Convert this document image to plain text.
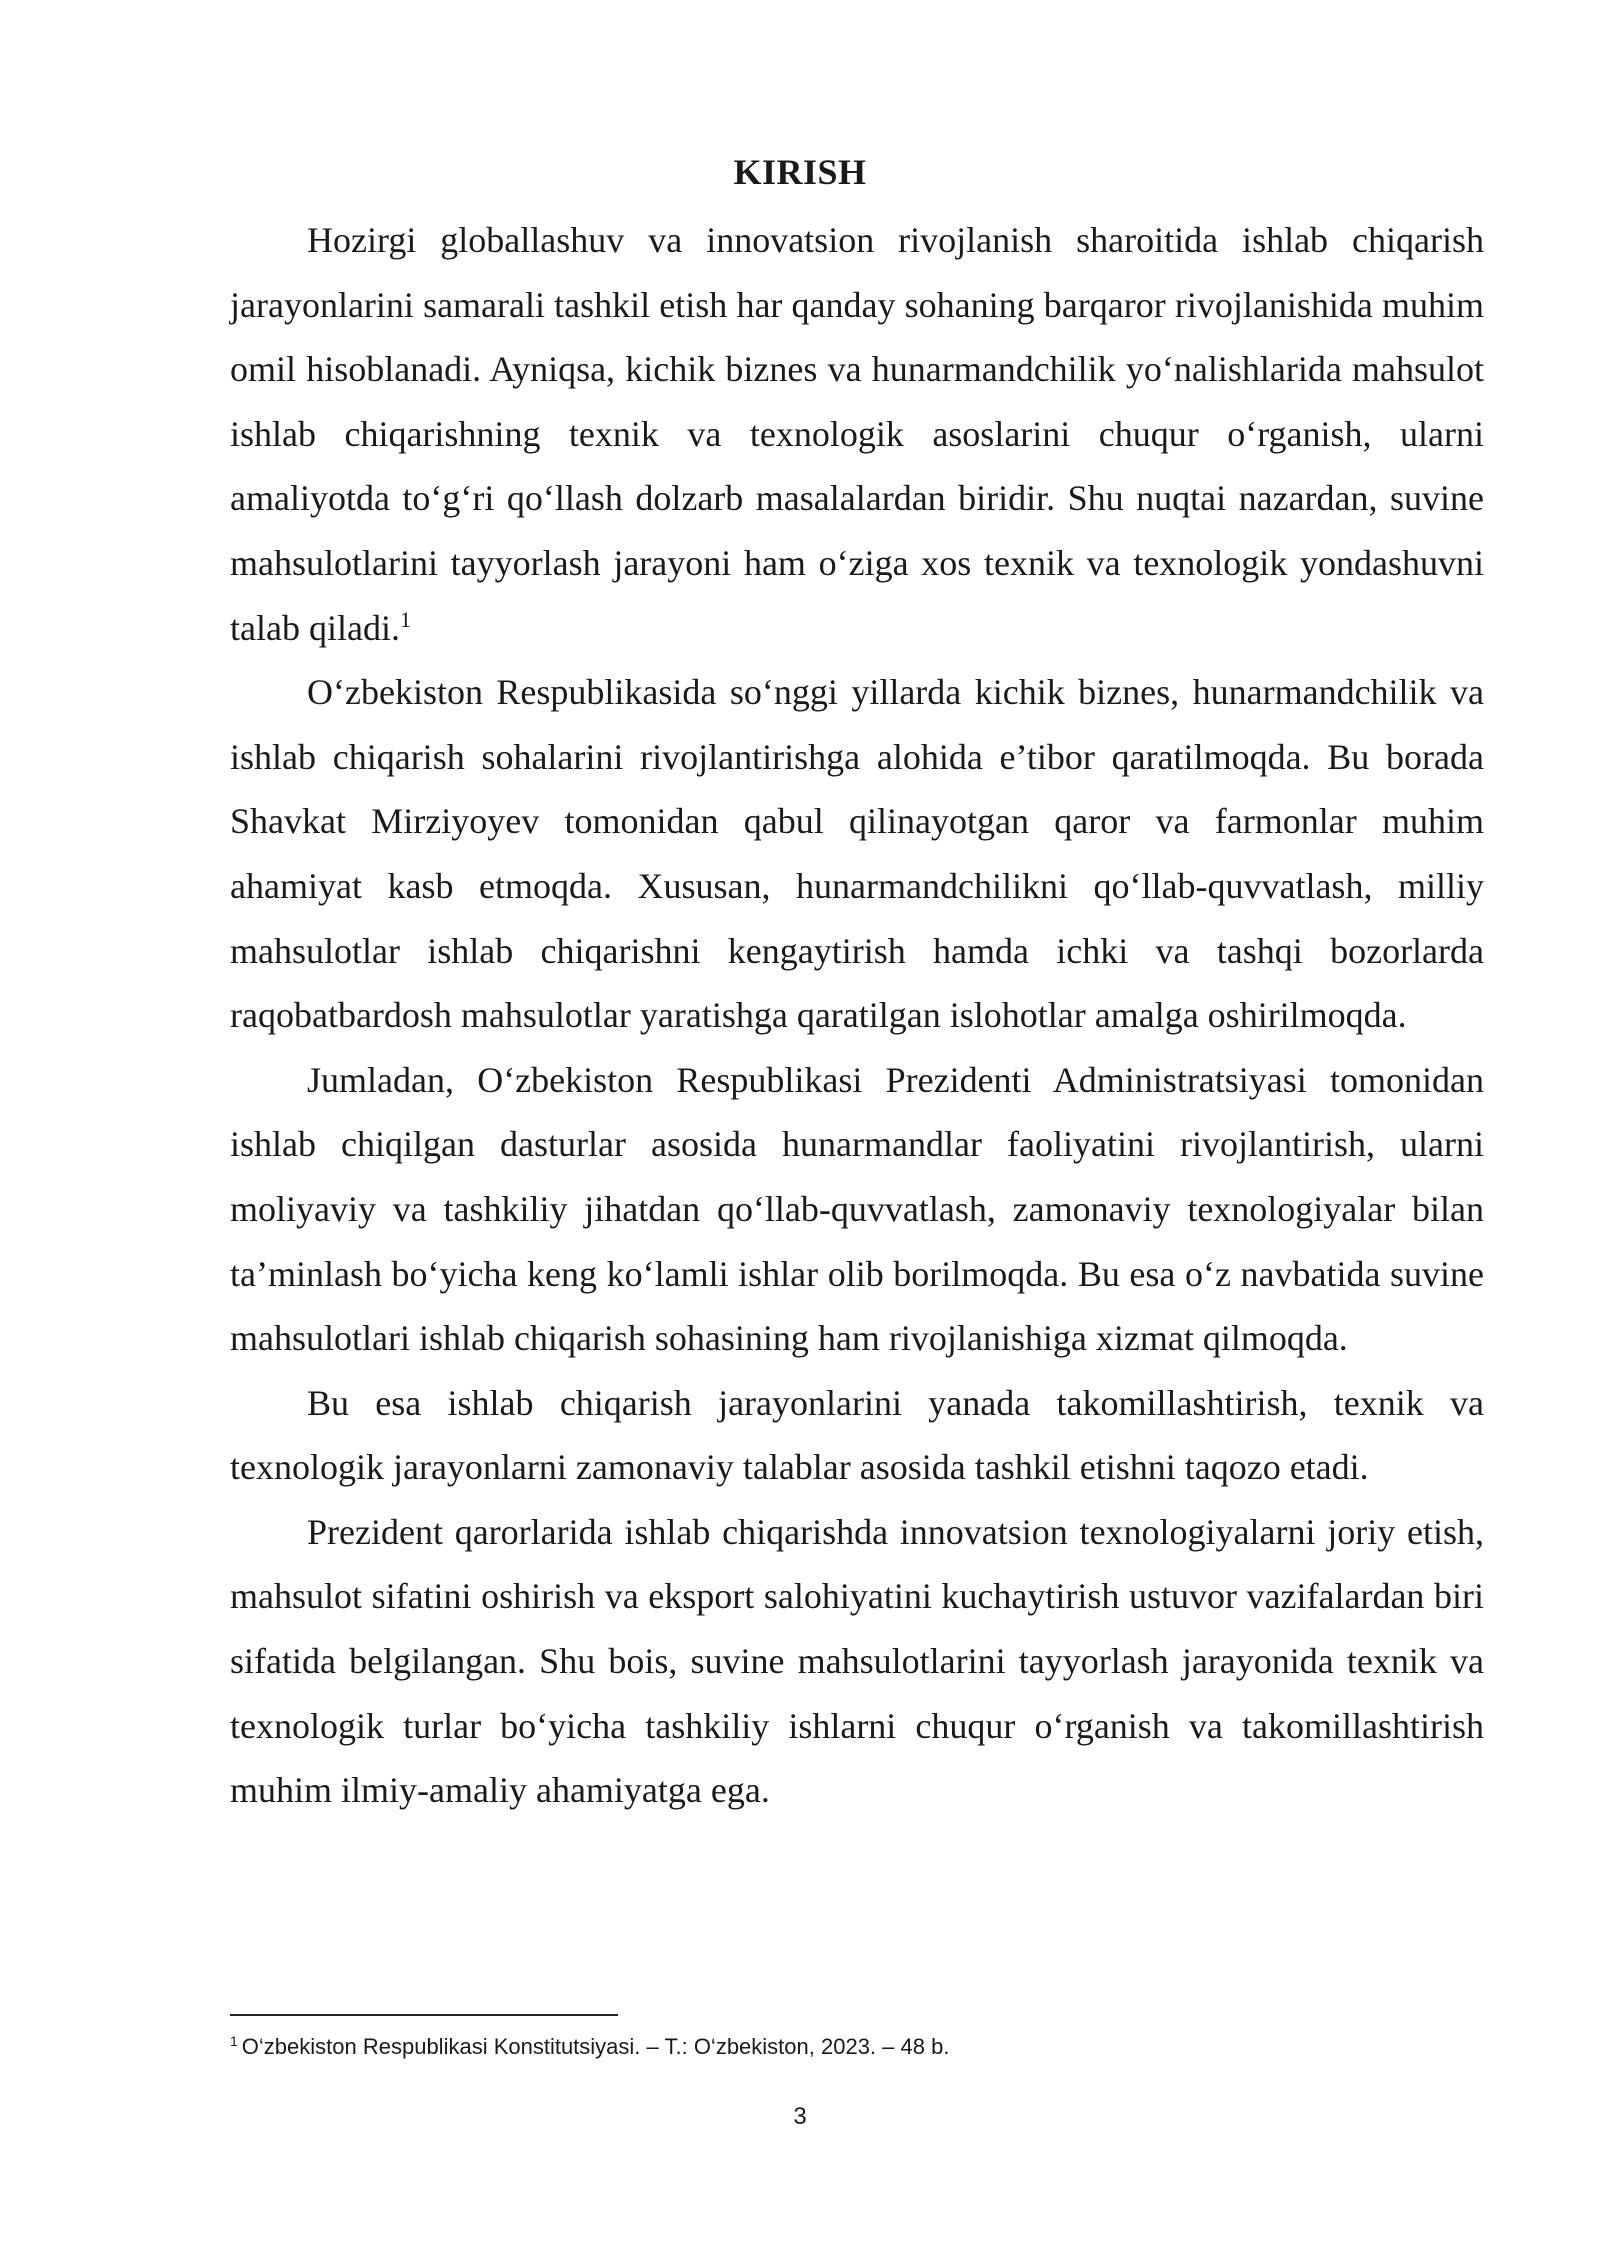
KIRISH

Hozirgi globallashuv va innovatsion rivojlanish sharoitida ishlab chiqarish jarayonlarini samarali tashkil etish har qanday sohaning barqaror rivojlanishida muhim omil hisoblanadi. Ayniqsa, kichik biznes va hunarmandchilik yo‘nalishlarida mahsulot ishlab chiqarishning texnik va texnologik asoslarini chuqur o‘rganish, ularni amaliyotda to‘g‘ri qo‘llash dolzarb masalalardan biridir. Shu nuqtai nazardan, suvine mahsulotlarini tayyorlash jarayoni ham o‘ziga xos texnik va texnologik yondashuvni talab qiladi.$^1$

O‘zbekiston Respublikasida so‘nggi yillarda kichik biznes, hunarmandchilik va ishlab chiqarish sohalarini rivojlantirishga alohida e’tibor qaratilmoqda. Bu borada Shavkat Mirziyoyev tomonidan qabul qilinayotgan qaror va farmonlar muhim ahamiyat kasb etmoqda. Xususan, hunarmandchilikni qo‘llab-quvvatlash, milliy mahsulotlar ishlab chiqarishni kengaytirish hamda ichki va tashqi bozorlarda raqobatbardosh mahsulotlar yaratishga qaratilgan islohotlar amalga oshirilmoqda.

Jumladan, O‘zbekiston Respublikasi Prezidenti Administratsiyasi tomonidan ishlab chiqilgan dasturlar asosida hunarmandlar faoliyatini rivojlantirish, ularni moliyaviy va tashkiliy jihatdan qo‘llab-quvvatlash, zamonaviy texnologiyalar bilan ta’minlash bo‘yicha keng ko‘lamli ishlar olib borilmoqda. Bu esa o‘z navbatida suvine mahsulotlari ishlab chiqarish sohasining ham rivojlanishiga xizmat qilmoqda.

Bu esa ishlab chiqarish jarayonlarini yanada takomillashtirish, texnik va texnologik jarayonlarni zamonaviy talablar asosida tashkil etishni taqozo etadi.

Prezident qarorlarida ishlab chiqarishda innovatsion texnologiyalarni joriy etish, mahsulot sifatini oshirish va eksport salohiyatini kuchaytirish ustuvor vazifalardan biri sifatida belgilangan. Shu bois, suvine mahsulotlarini tayyorlash jarayonida texnik va texnologik turlar bo‘yicha tashkiliy ishlarni chuqur o‘rganish va takomillashtirish muhim ilmiy-amaliy ahamiyatga ega.

$^1$ O‘zbekiston Respublikasi Konstitutsiyasi. – T.: O‘zbekiston, 2023. – 48 b.
3
